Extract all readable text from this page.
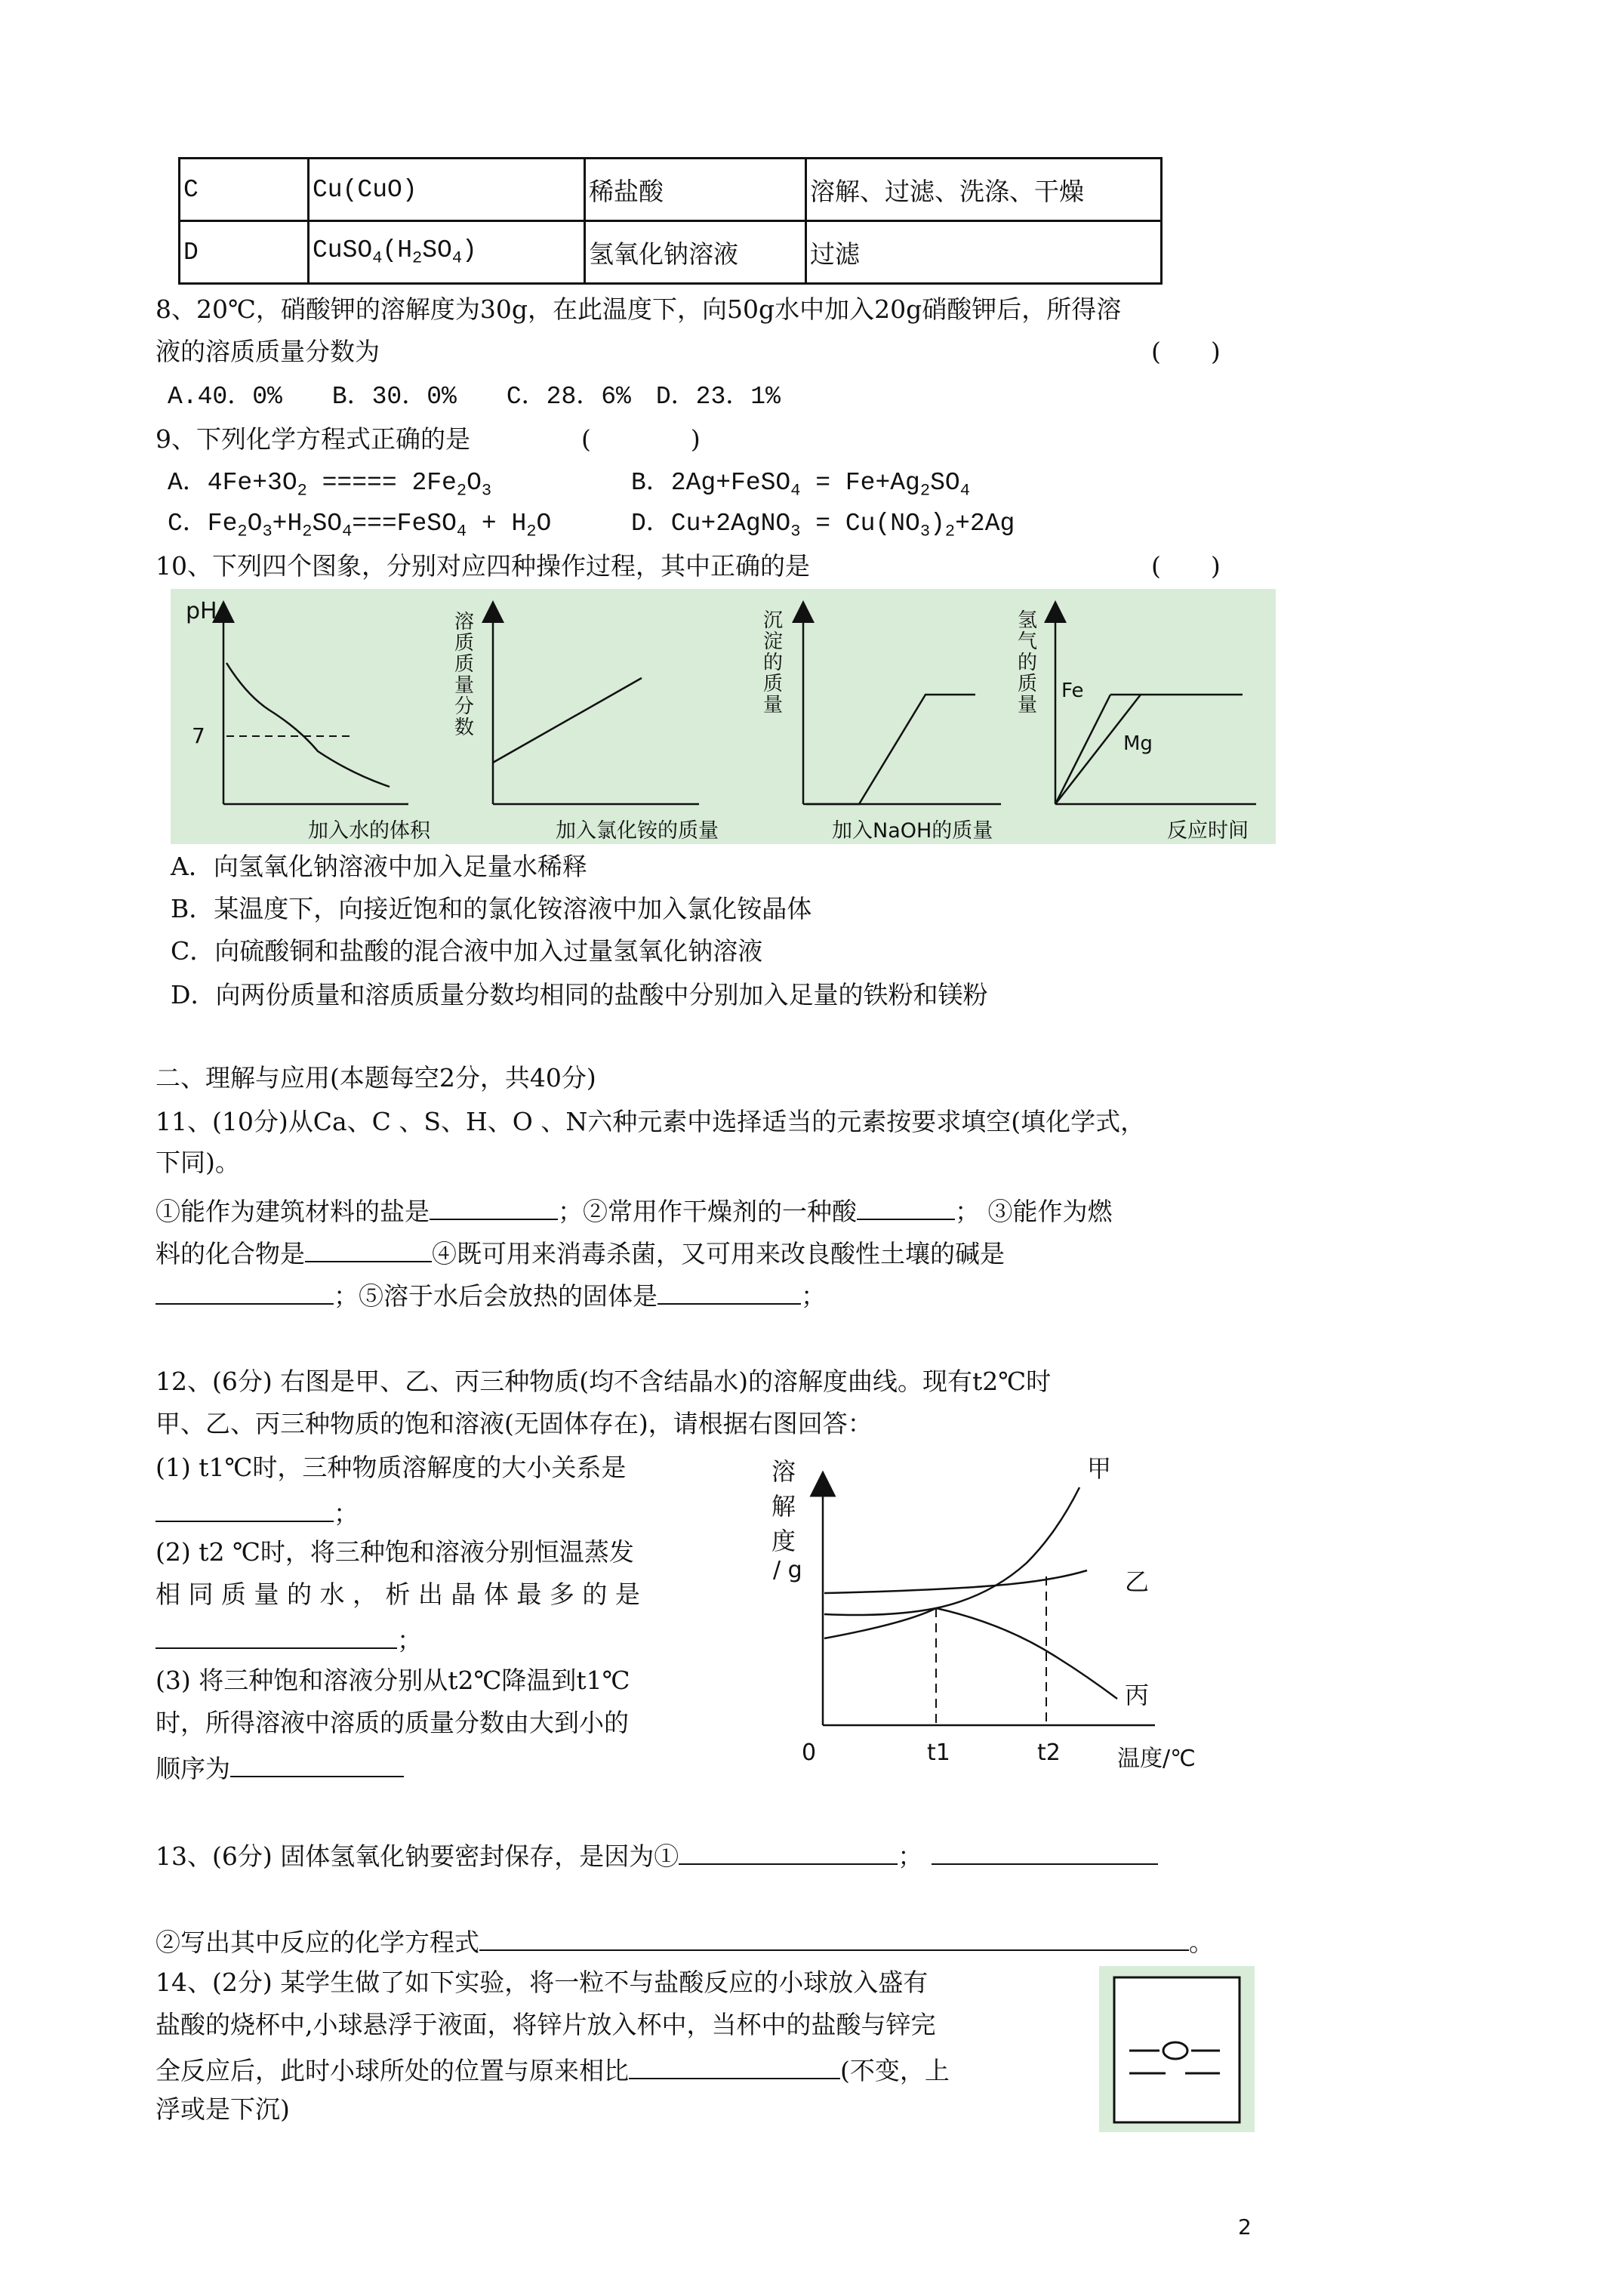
C	Cu(CuO)	稀盐酸	溶解、过滤、洗涤、干燥
D	$CuSO_4(H_2SO_4)$	氢氧化钠溶液	过滤
8、20℃，硝酸钾的溶解度为30g，在此温度下，向50g水中加入20g硝酸钾后，所得溶
液的溶质质量分数为	(　　)
A.40．0%　　B．30．0%　　C．28．6%　D．23．1%
9、下列化学方程式正确的是	(　　　　)
A．$4Fe+3O_2$ ===== $2Fe_2O_3$	B．2Ag+FeSO$_4$ = $Fe+Ag_2SO_4$
C．$Fe_2O_3+H_2SO_4===FeSO_4 + H_2O$	D．Cu+2AgNO$_3$ = $Cu(NO_3)_2+2Ag$
10、下列四个图象，分别对应四种操作过程，其中正确的是	(　　)
pH
7
加入水的体积
溶质质量分数
加入氯化铵的质量
沉淀的质量
加入NaOH的质量
氢气的质量
Fe
Mg
反应时间
A．向氢氧化钠溶液中加入足量水稀释
B．某温度下，向接近饱和的氯化铵溶液中加入氯化铵晶体
C．向硫酸铜和盐酸的混合液中加入过量氢氧化钠溶液
D．向两份质量和溶质质量分数均相同的盐酸中分别加入足量的铁粉和镁粉
二、理解与应用(本题每空2分，共40分)
11、(10分)从Ca、C 、S、H、O 、N六种元素中选择适当的元素按要求填空(填化学式，
下同)。
①能作为建筑材料的盐是	；②常用作干燥剂的一种酸	； ③能作为燃
料的化合物是	④既可用来消毒杀菌，又可用来改良酸性土壤的碱是
；⑤溶于水后会放热的固体是	；
12、(6分) 右图是甲、乙、丙三种物质(均不含结晶水)的溶解度曲线。现有t2℃时
甲、乙、丙三种物质的饱和溶液(无固体存在)，请根据右图回答：
(1) t1℃时，三种物质溶解度的大小关系是
；
(2) t2 ℃时，将三种饱和溶液分别恒温蒸发
相 同 质 量 的 水 ， 析 出 晶 体 最 多 的 是
；
(3) 将三种饱和溶液分别从t2℃降温到t1℃
时，所得溶液中溶质的质量分数由大到小的
顺序为
溶
解
度
/ g
甲
乙
丙
0	t1	t2	温度/℃
13、(6分) 固体氢氧化钠要密封保存，是因为①	；
②写出其中反应的化学方程式	。
14、(2分) 某学生做了如下实验，将一粒不与盐酸反应的小球放入盛有
盐酸的烧杯中,小球悬浮于液面，将锌片放入杯中，当杯中的盐酸与锌完
全反应后，此时小球所处的位置与原来相比	(不变，上
浮或是下沉)
2
